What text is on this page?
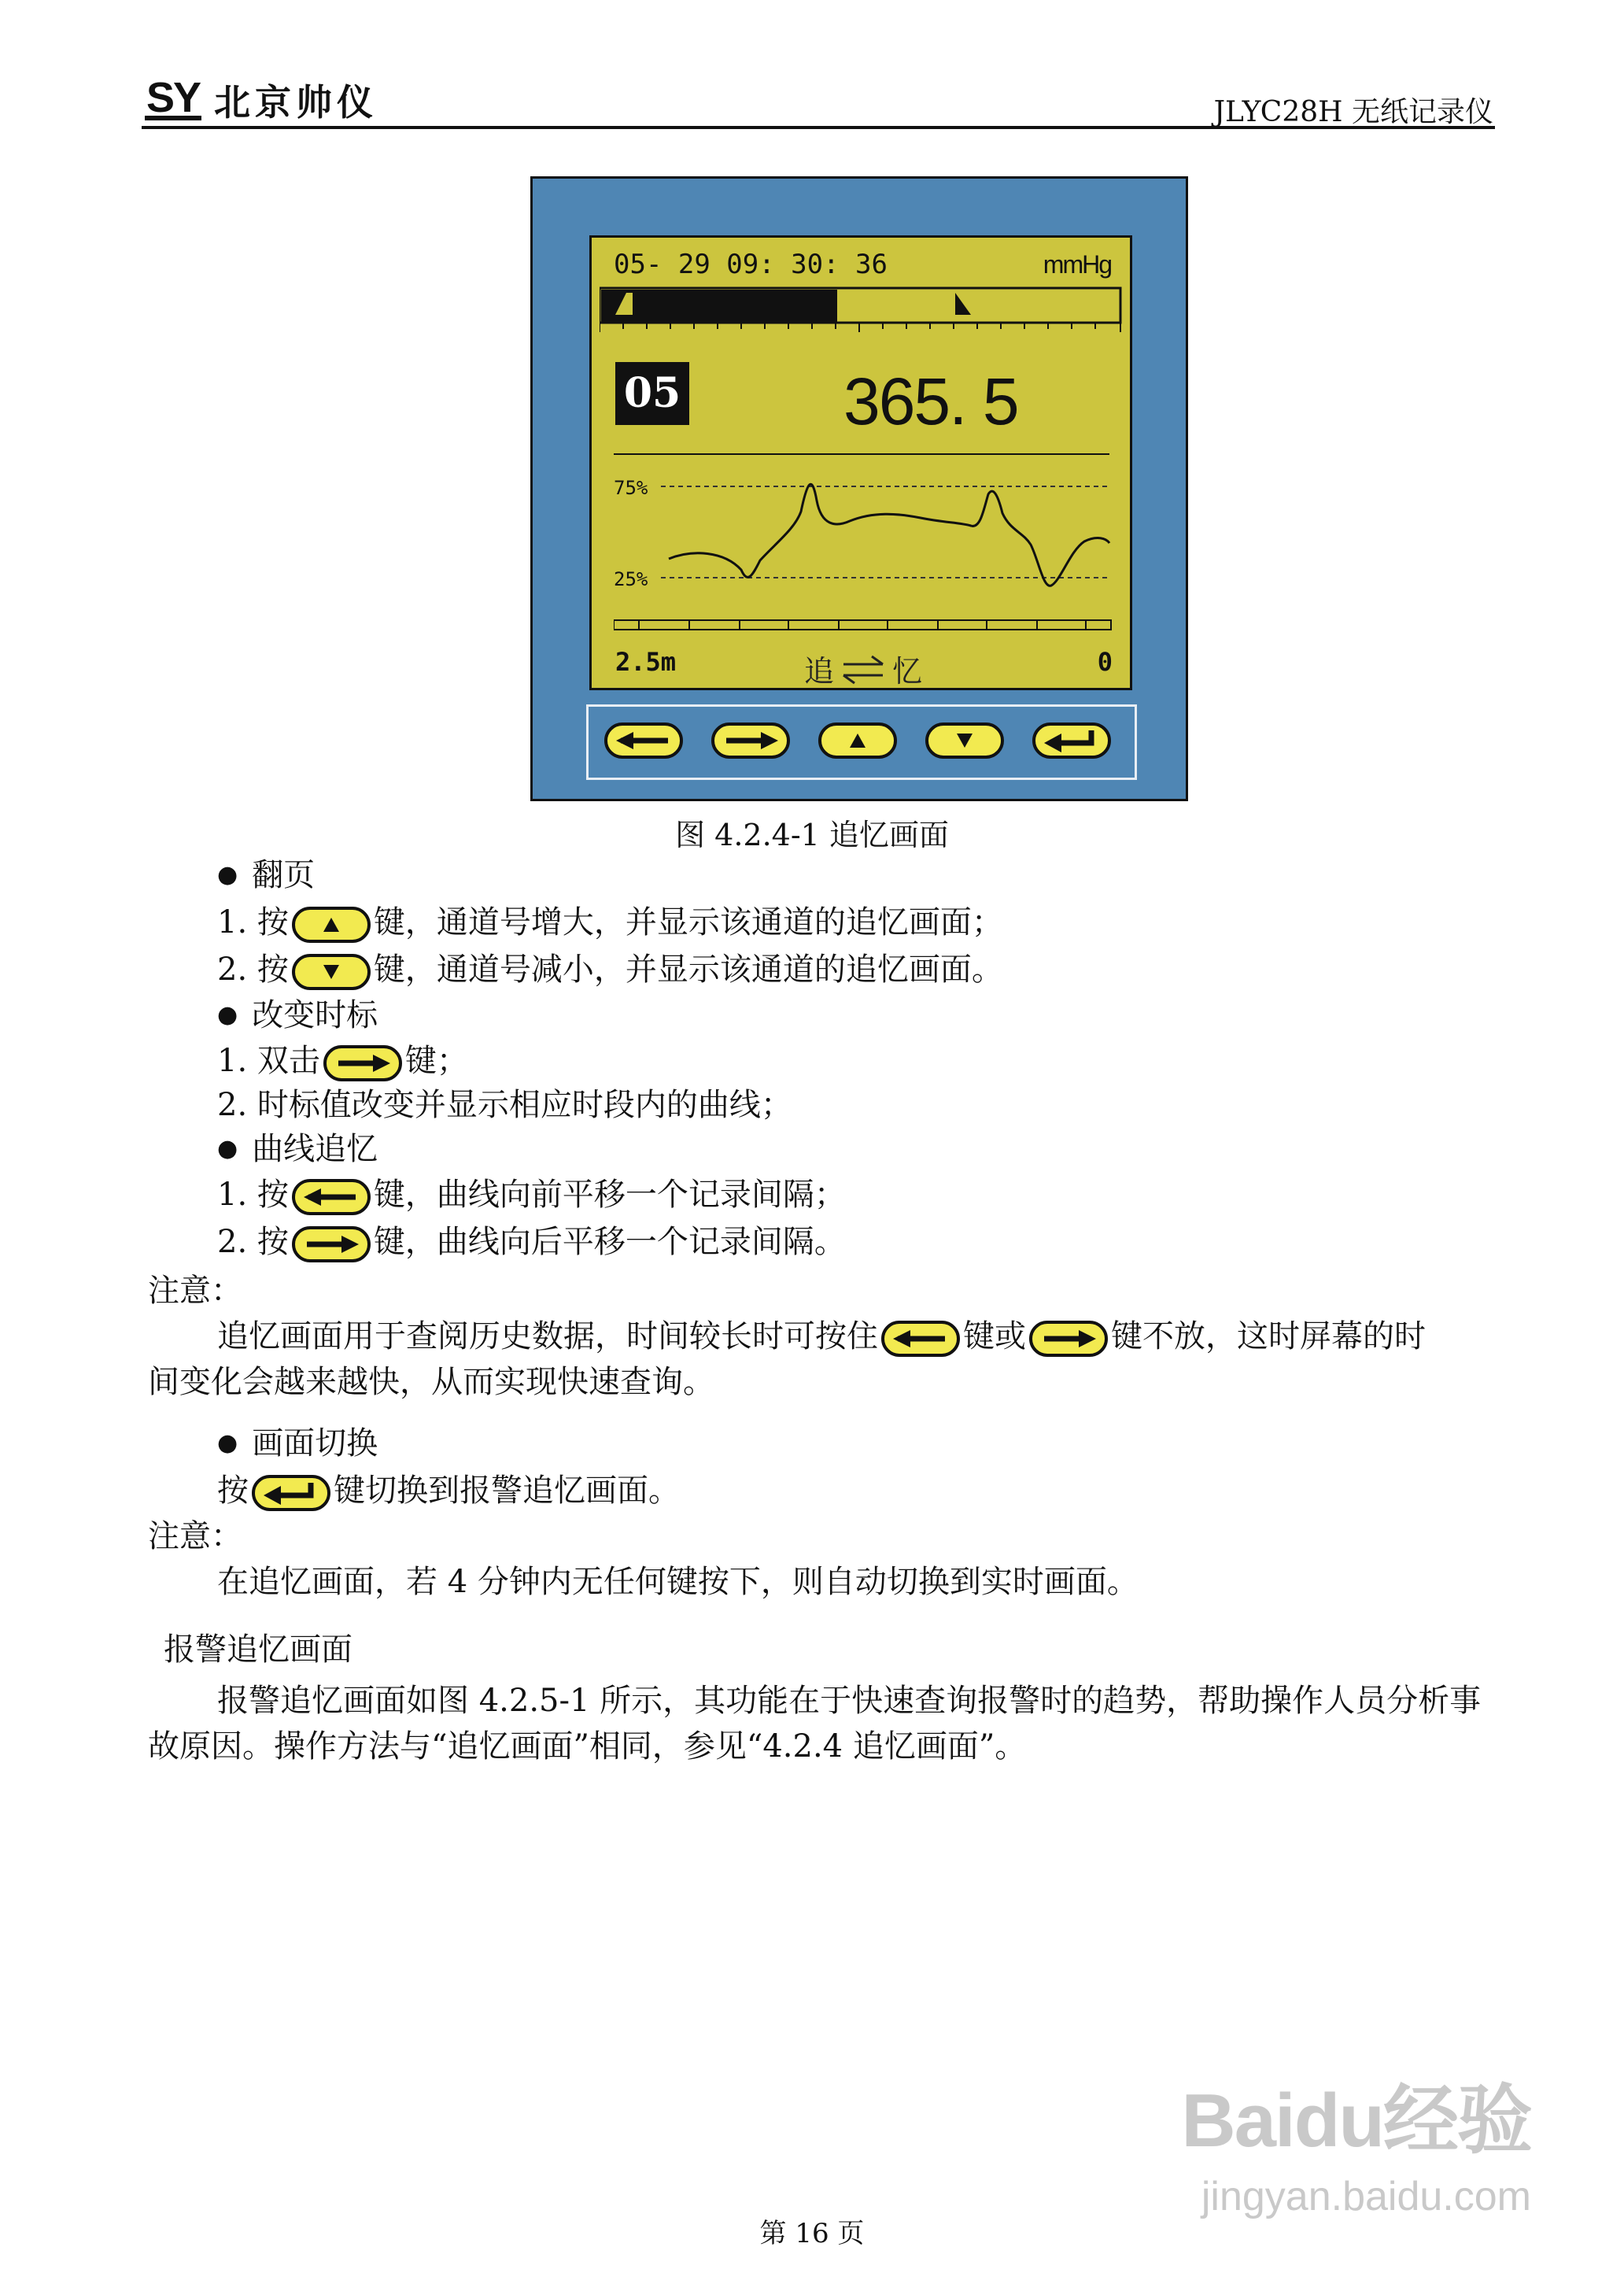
SY 北京帅仪	JLYC28H 无纸记录仪
05- 29 09: 30: 36	mmHg
05 365. 5
75%
25%
2.5m	0
追 忆
图 4.2.4-1 追忆画面
● 翻页
1. 按	键，通道号增大，并显示该通道的追忆画面；
2. 按	键，通道号减小，并显示该通道的追忆画面。
● 改变时标
1. 双击	键；
2. 时标值改变并显示相应时段内的曲线；
● 曲线追忆
1. 按	键，曲线向前平移一个记录间隔；
2. 按	键，曲线向后平移一个记录间隔。
注意：
追忆画面用于查阅历史数据，时间较长时可按住	键或	键不放，这时屏幕的时
间变化会越来越快，从而实现快速查询。
● 画面切换
按	键切换到报警追忆画面。
注意：
在追忆画面，若 4 分钟内无任何键按下，则自动切换到实时画面。
报警追忆画面
报警追忆画面如图 4.2.5-1 所示，其功能在于快速查询报警时的趋势，帮助操作人员分析事
故原因。操作方法与“追忆画面”相同，参见“4.2.4 追忆画面”。
Baidu经验
jingyan.baidu.com
第 16 页
